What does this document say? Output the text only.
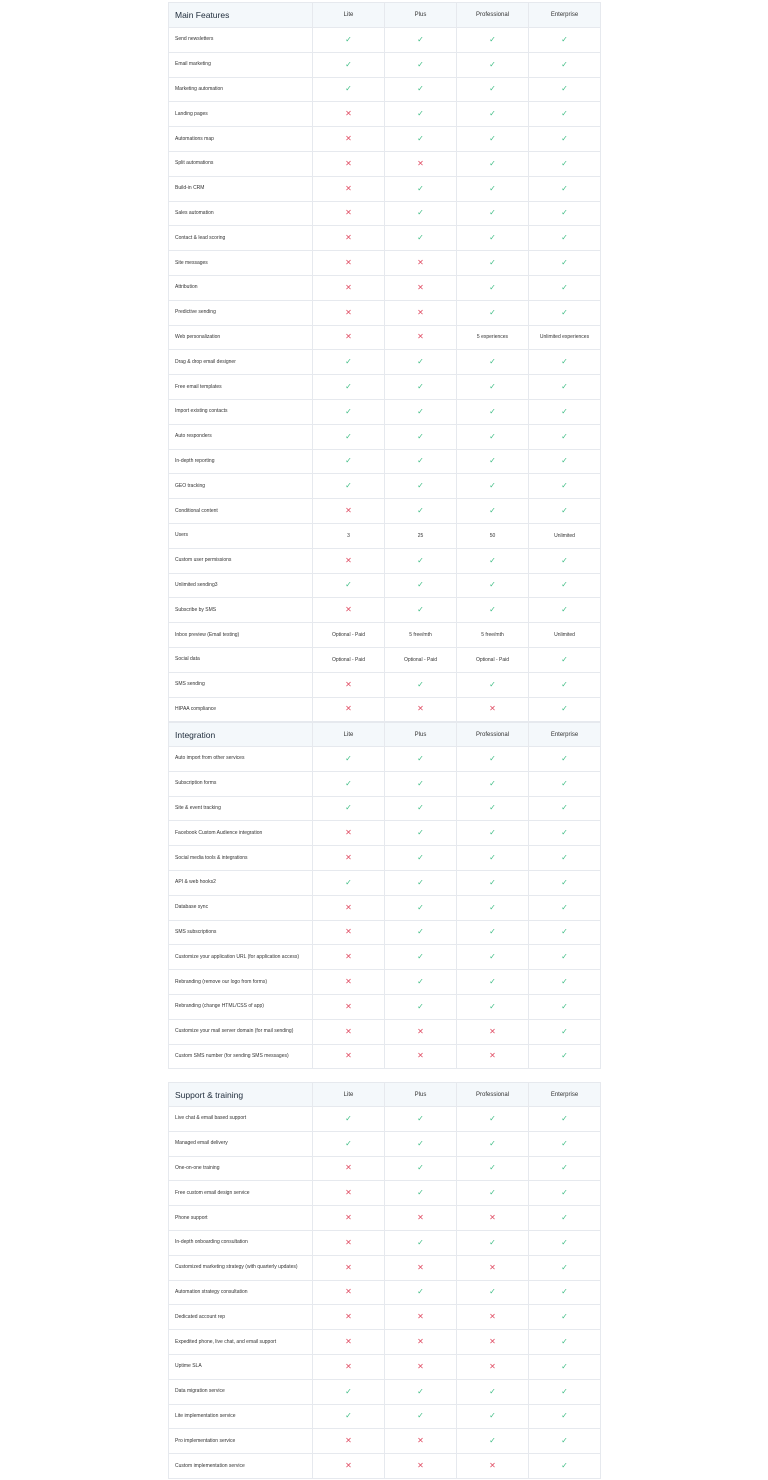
Main Features	Lite	Plus	Professional	Enterprise
Send newsletters	✓	✓	✓	✓
Email marketing	✓	✓	✓	✓
Marketing automation	✓	✓	✓	✓
Landing pages	✕	✓	✓	✓
Automations map	✕	✓	✓	✓
Split automations	✕	✕	✓	✓
Build-in CRM	✕	✓	✓	✓
Sales automation	✕	✓	✓	✓
Contact & lead scoring	✕	✓	✓	✓
Site messages	✕	✕	✓	✓
Attribution	✕	✕	✓	✓
Predictive sending	✕	✕	✓	✓
Web personalization	✕	✕	5 experiences	Unlimited experiences
Drag & drop email designer	✓	✓	✓	✓
Free email templates	✓	✓	✓	✓
Import existing contacts	✓	✓	✓	✓
Auto responders	✓	✓	✓	✓
In-depth reporting	✓	✓	✓	✓
GEO tracking	✓	✓	✓	✓
Conditional content	✕	✓	✓	✓
Users	3	25	50	Unlimited
Custom user permissions	✕	✓	✓	✓
Unlimited sending3	✓	✓	✓	✓
Subscribe by SMS	✕	✓	✓	✓
Inbox preview (Email testing)	Optional - Paid	5 free/mth	5 free/mth	Unlimited
Social data	Optional - Paid	Optional - Paid	Optional - Paid	✓
SMS sending	✕	✓	✓	✓
HIPAA compliance	✕	✕	✕	✓
Integration	Lite	Plus	Professional	Enterprise
Auto import from other services	✓	✓	✓	✓
Subscription forms	✓	✓	✓	✓
Site & event tracking	✓	✓	✓	✓
Facebook Custom Audience integration	✕	✓	✓	✓
Social media tools & integrations	✕	✓	✓	✓
API & web hooks2	✓	✓	✓	✓
Database sync	✕	✓	✓	✓
SMS subscriptions	✕	✓	✓	✓
Customize your application URL (for application access)	✕	✓	✓	✓
Rebranding (remove our logo from forms)	✕	✓	✓	✓
Rebranding (change HTML/CSS of app)	✕	✓	✓	✓
Customize your mail server domain (for mail sending)	✕	✕	✕	✓
Custom SMS number (for sending SMS messages)	✕	✕	✕	✓
Support & training	Lite	Plus	Professional	Enterprise
Live chat & email based support	✓	✓	✓	✓
Managed email delivery	✓	✓	✓	✓
One-on-one training	✕	✓	✓	✓
Free custom email design service	✕	✓	✓	✓
Phone support	✕	✕	✕	✓
In-depth onboarding consultation	✕	✓	✓	✓
Customized marketing strategy (with quarterly updates)	✕	✕	✕	✓
Automation strategy consultation	✕	✓	✓	✓
Dedicated account rep	✕	✕	✕	✓
Expedited phone, live chat, and email support	✕	✕	✕	✓
Uptime SLA	✕	✕	✕	✓
Data migration service	✓	✓	✓	✓
Lite implementation service	✓	✓	✓	✓
Pro implementation service	✕	✕	✓	✓
Custom implementation service	✕	✕	✕	✓
